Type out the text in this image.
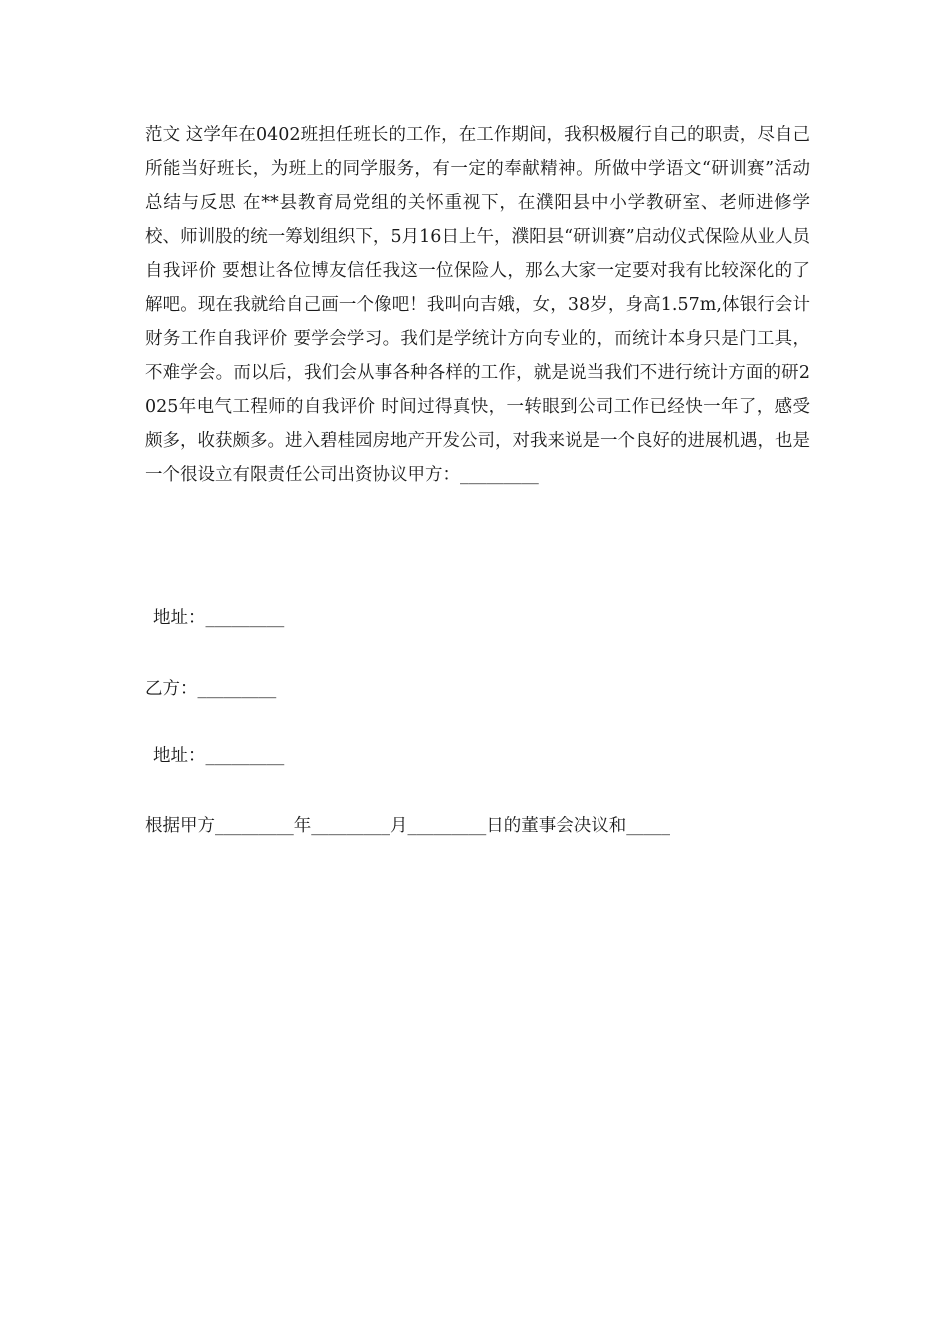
范文 这学年在0402班担任班长的工作，在工作期间，我积极履行自己的职责，尽自己所能当好班长，为班上的同学服务，有一定的奉献精神。所做中学语文“研训赛”活动总结与反思 在**县教育局党组的关怀重视下，在濮阳县中小学教研室、老师进修学校、师训股的统一筹划组织下，5月16日上午，濮阳县“研训赛”启动仪式保险从业人员自我评价 要想让各位博友信任我这一位保险人，那么大家一定要对我有比较深化的了解吧。现在我就给自己画一个像吧！我叫向吉娥，女，38岁，身高1.57m,体银行会计财务工作自我评价 要学会学习。我们是学统计方向专业的，而统计本身只是门工具，不难学会。而以后，我们会从事各种各样的工作，就是说当我们不进行统计方面的研2025年电气工程师的自我评价 时间过得真快，一转眼到公司工作已经快一年了，感受颇多，收获颇多。进入碧桂园房地产开发公司，对我来说是一个良好的进展机遇，也是一个很设立有限责任公司出资协议甲方：_________

地址：_________

乙方：_________

地址：_________

根据甲方_________年_________月_________日的董事会决议和_____
